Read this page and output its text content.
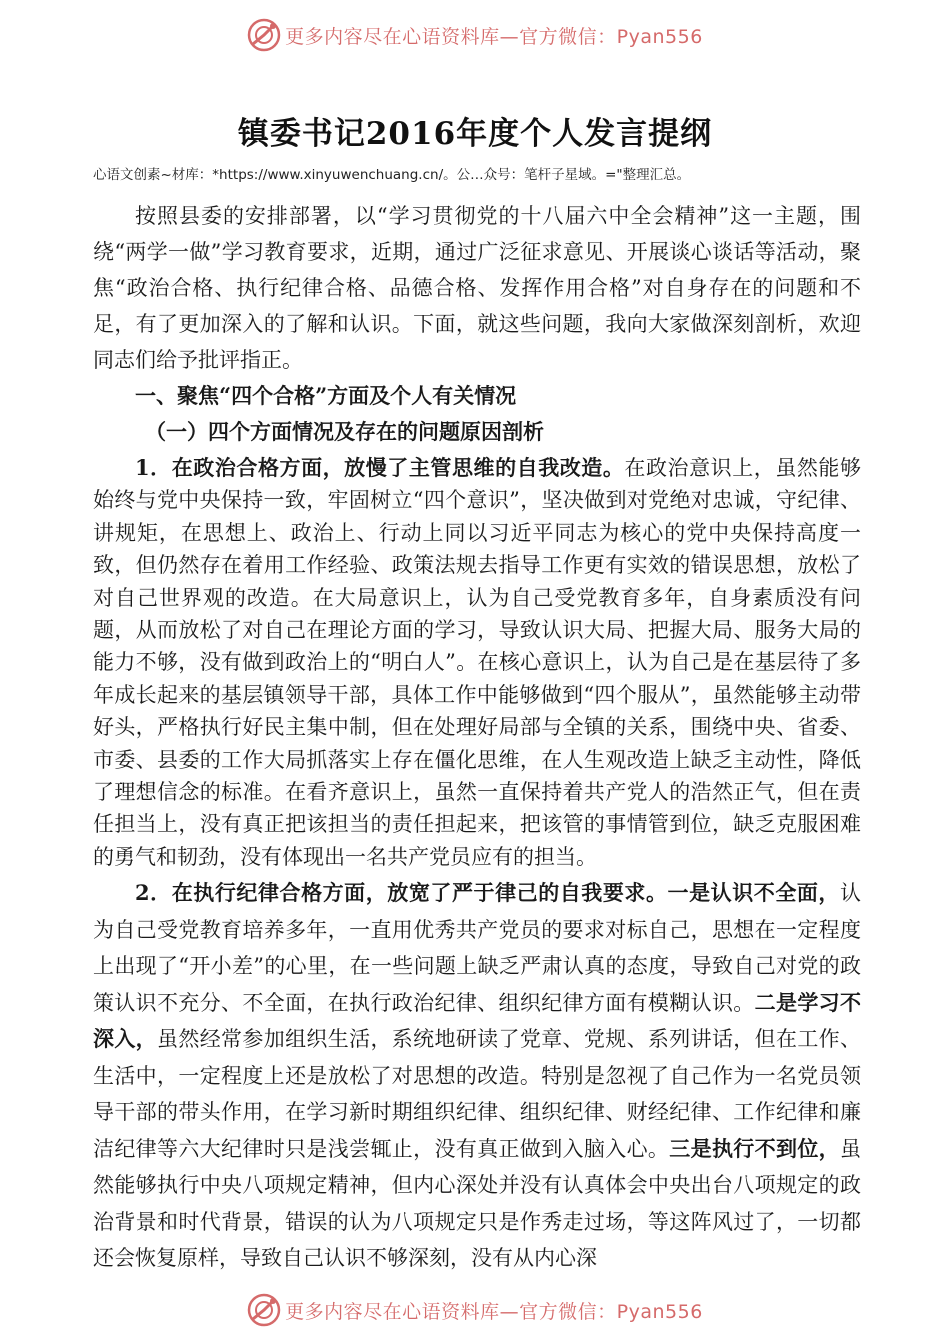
更多内容尽在心语资料库—官方微信：Pyan556
镇委书记2016年度个人发言提纲
心语文创素~材库：*https://www.xinyuwenchuang.cn/。公…众号：笔杆子星域。="整理汇总。

按照县委的安排部署，以“学习贯彻党的十八届六中全会精神”这一主题，围绕“两学一做”学习教育要求，近期，通过广泛征求意见、开展谈心谈话等活动，聚焦“政治合格、执行纪律合格、品德合格、发挥作用合格”对自身存在的问题和不足，有了更加深入的了解和认识。下面，就这些问题，我向大家做深刻剖析，欢迎同志们给予批评指正。

一、聚焦“四个合格”方面及个人有关情况

（一）四个方面情况及存在的问题原因剖析

1．在政治合格方面，放慢了主管思维的自我改造。在政治意识上，虽然能够始终与党中央保持一致，牢固树立“四个意识”，坚决做到对党绝对忠诚，守纪律、讲规矩，在思想上、政治上、行动上同以习近平同志为核心的党中央保持高度一致，但仍然存在着用工作经验、政策法规去指导工作更有实效的错误思想，放松了对自己世界观的改造。在大局意识上，认为自己受党教育多年，自身素质没有问题，从而放松了对自己在理论方面的学习，导致认识大局、把握大局、服务大局的能力不够，没有做到政治上的“明白人”。在核心意识上，认为自己是在基层待了多年成长起来的基层镇领导干部，具体工作中能够做到“四个服从”，虽然能够主动带好头，严格执行好民主集中制，但在处理好局部与全镇的关系，围绕中央、省委、市委、县委的工作大局抓落实上存在僵化思维，在人生观改造上缺乏主动性，降低了理想信念的标准。在看齐意识上，虽然一直保持着共产党人的浩然正气，但在责任担当上，没有真正把该担当的责任担起来，把该管的事情管到位，缺乏克服困难的勇气和韧劲，没有体现出一名共产党员应有的担当。

2．在执行纪律合格方面，放宽了严于律己的自我要求。一是认识不全面，认为自己受党教育培养多年，一直用优秀共产党员的要求对标自己，思想在一定程度上出现了“开小差”的心里，在一些问题上缺乏严肃认真的态度，导致自己对党的政策认识不充分、不全面，在执行政治纪律、组织纪律方面有模糊认识。二是学习不深入，虽然经常参加组织生活，系统地研读了党章、党规、系列讲话，但在工作、生活中，一定程度上还是放松了对思想的改造。特别是忽视了自己作为一名党员领导干部的带头作用，在学习新时期组织纪律、组织纪律、财经纪律、工作纪律和廉洁纪律等六大纪律时只是浅尝辄止，没有真正做到入脑入心。三是执行不到位，虽然能够执行中央八项规定精神，但内心深处并没有认真体会中央出台八项规定的政治背景和时代背景，错误的认为八项规定只是作秀走过场，等这阵风过了，一切都还会恢复原样，导致自己认识不够深刻，没有从内心深

更多内容尽在心语资料库—官方微信：Pyan556
